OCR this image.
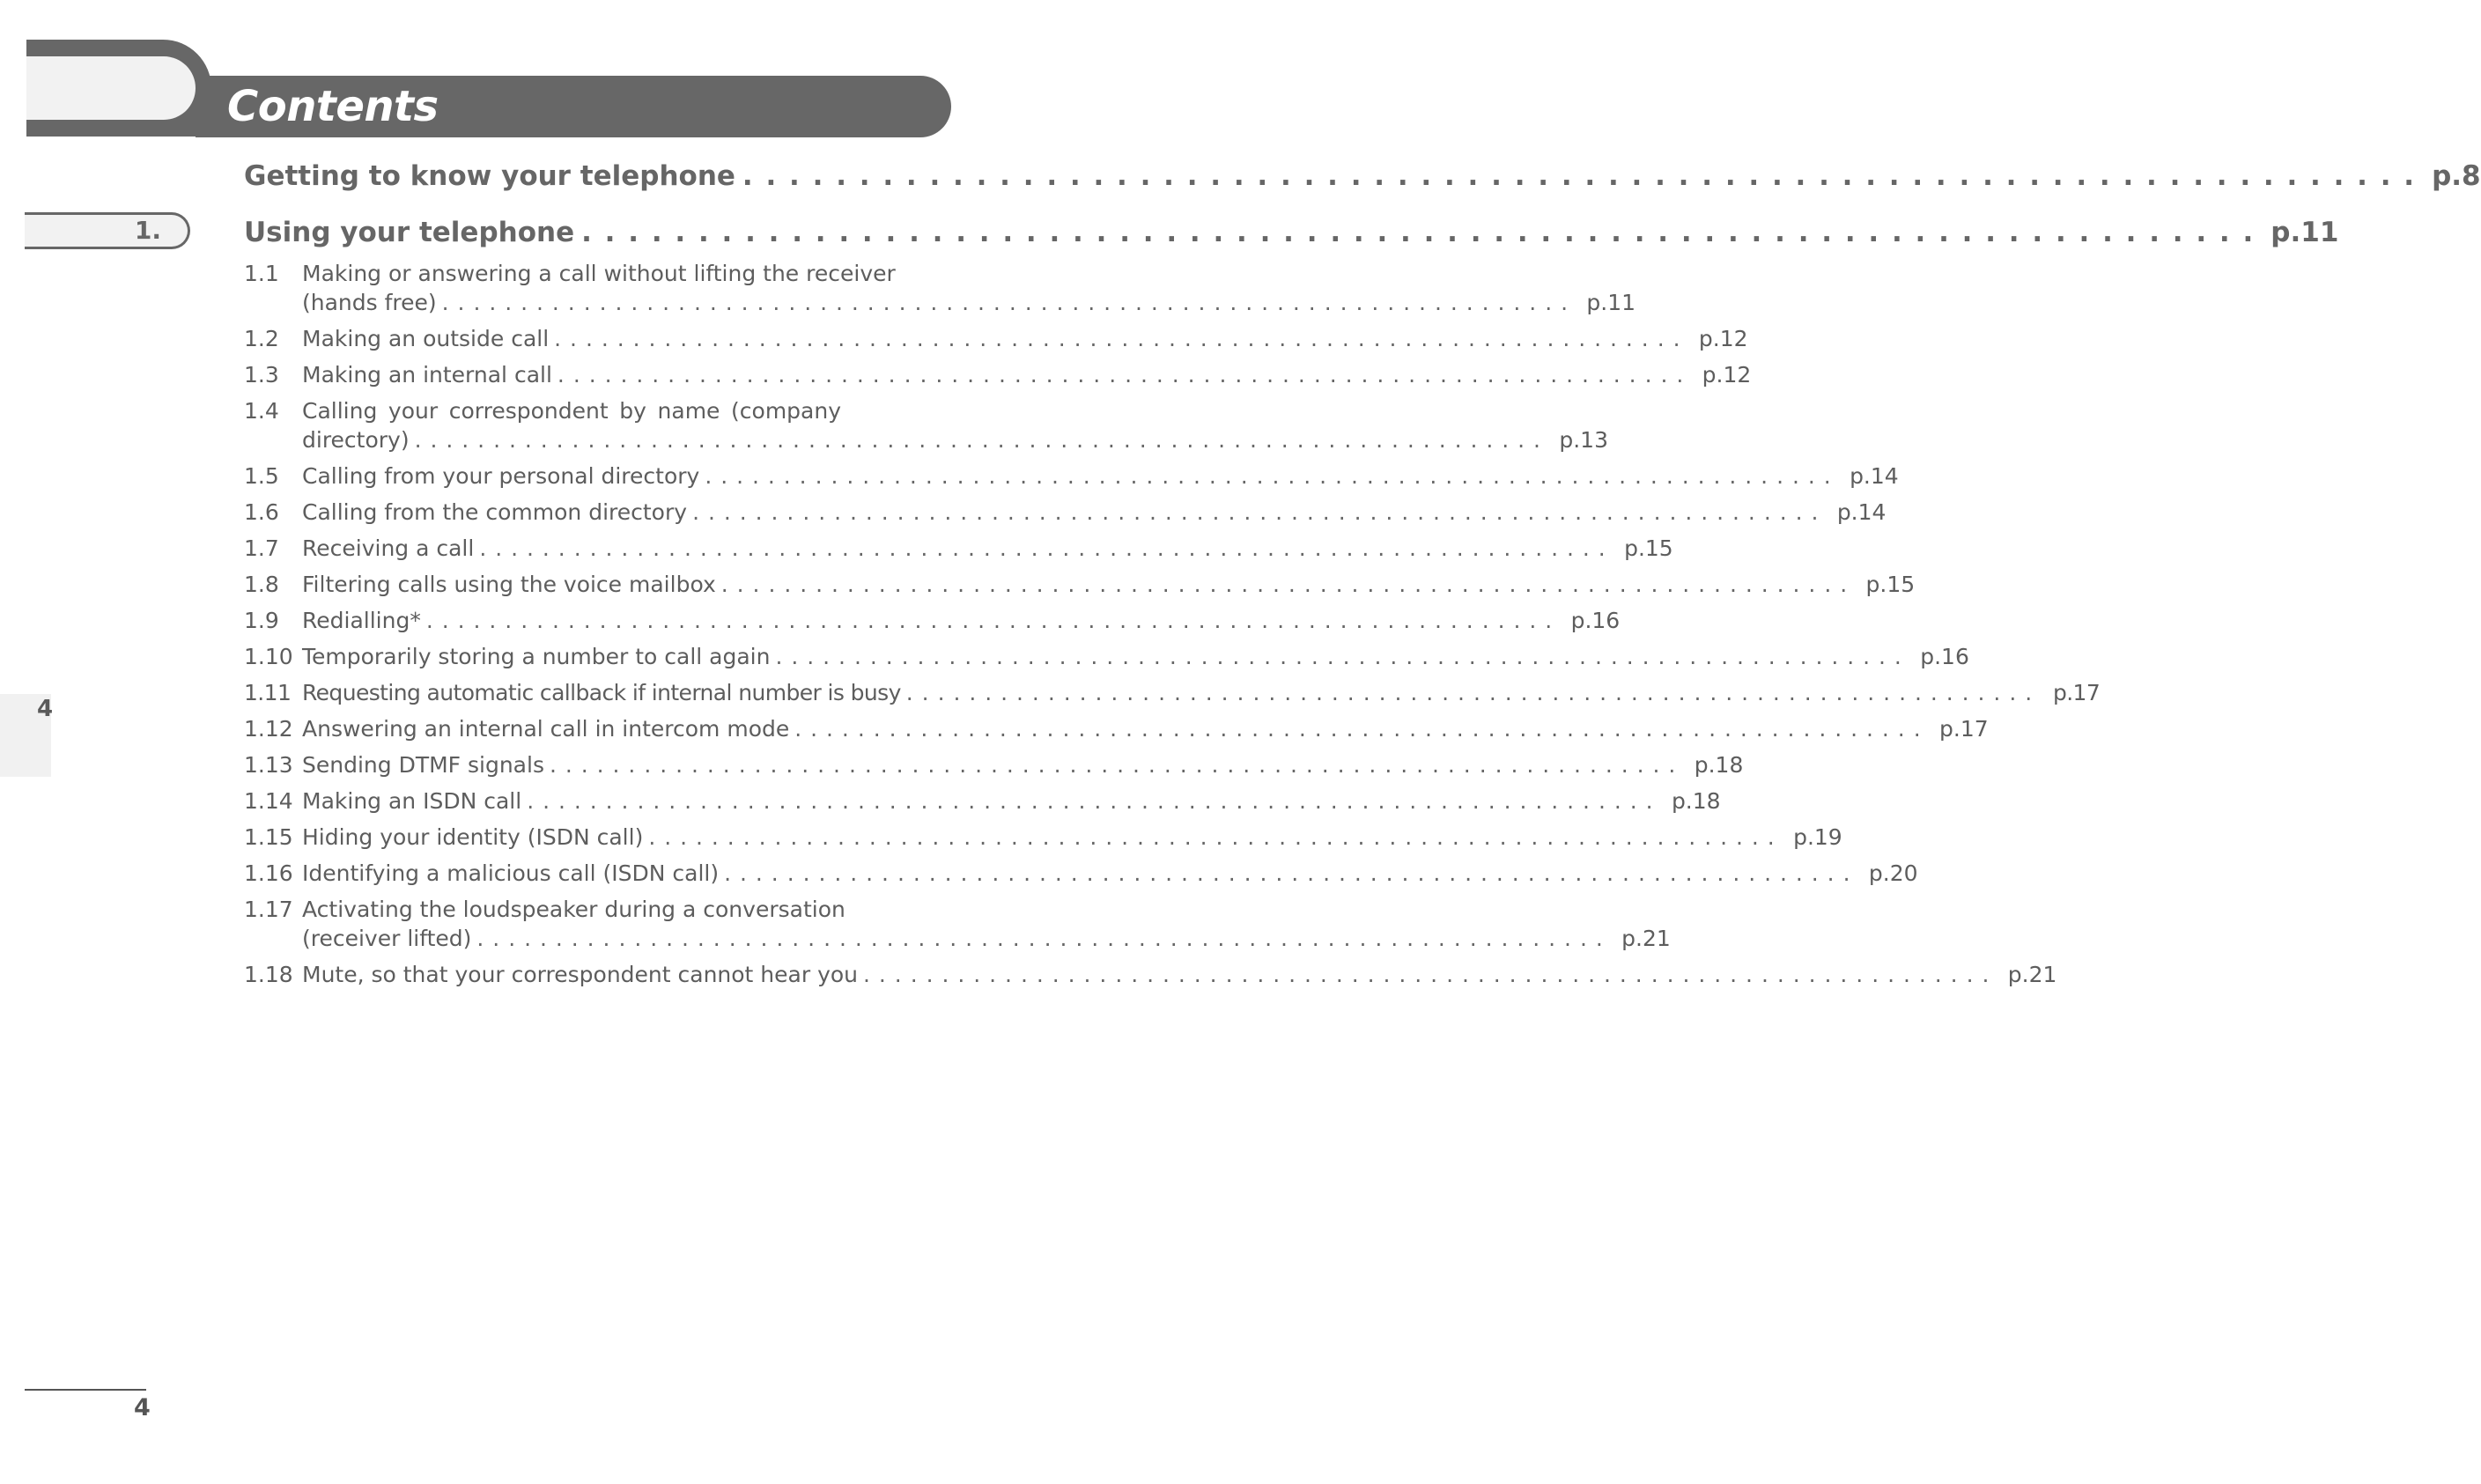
Contents
1.
4
Getting to know your telephone . . .	p.8
Using your telephone . . .	p.11
1.1	Making or answering a call without lifting the receiver
(hands free) . . .	p.11
1.2	Making an outside call . . .	p.12
1.3	Making an internal call . . .	p.12
1.4	Calling your correspondent by name (company
directory) . . .	p.13
1.5	Calling from your personal directory . . .	p.14
1.6	Calling from the common directory . . .	p.14
1.7	Receiving a call . . .	p.15
1.8	Filtering calls using the voice mailbox . . .	p.15
1.9	Redialling* . . .	p.16
1.10 Temporarily storing a number to call again . . .	p.16
1.11 Requesting automatic callback if internal number is busy . . .	p.17
1.12 Answering an internal call in intercom mode . . .	p.17
1.13 Sending DTMF signals . . .	p.18
1.14 Making an ISDN call . . .	p.18
1.15 Hiding your identity (ISDN call) . . .	p.19
1.16 Identifying a malicious call (ISDN call) . . .	p.20
1.17 Activating the loudspeaker during a conversation
(receiver lifted) . . .	p.21
1.18 Mute, so that your correspondent cannot hear you . . .	p.21
4
